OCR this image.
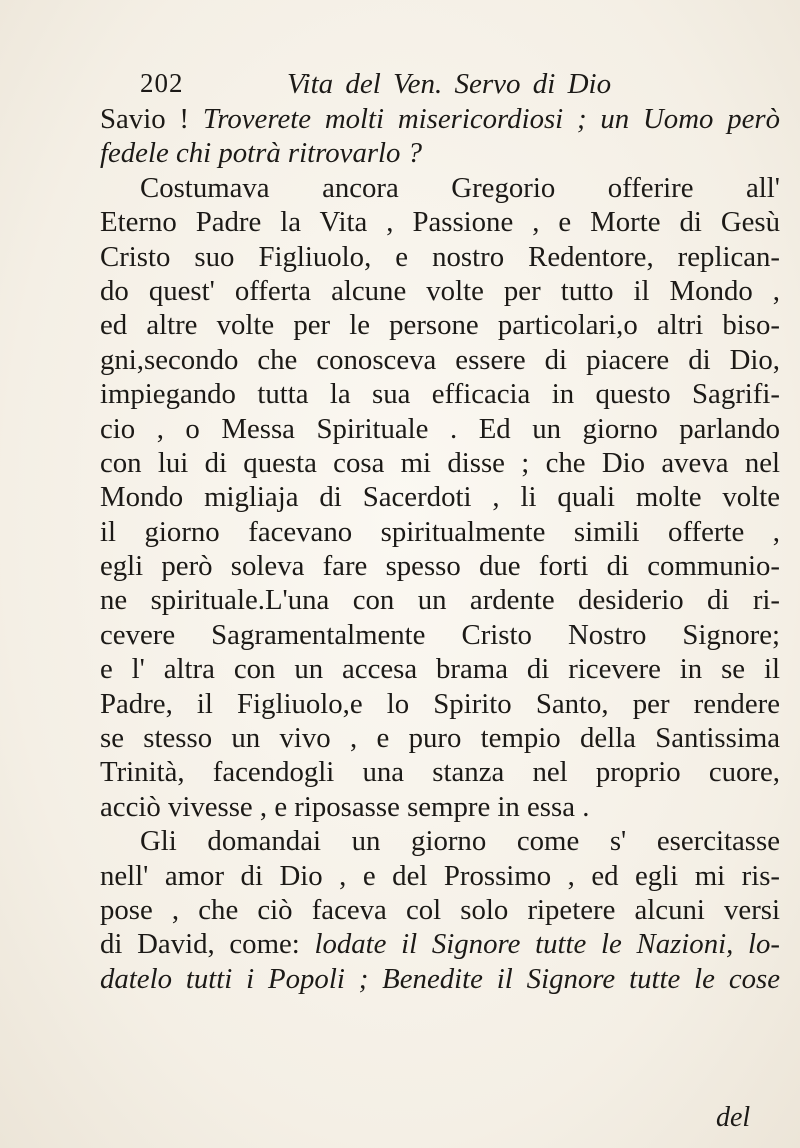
202	Vita del Ven. Servo di Dio
Savio ! Troverete molti misericordiosi ; un Uomo però
fedele chi potrà ritrovarlo ?
Costumava ancora Gregorio offerire all'
Eterno Padre la Vita , Passione , e Morte di Gesù
Cristo suo Figliuolo, e nostro Redentore, replican-
do quest' offerta alcune volte per tutto il Mondo ,
ed altre volte per le persone particolari,o altri biso-
gni,secondo che conosceva essere di piacere di Dio,
impiegando tutta la sua efficacia in questo Sagrifi-
cio , o Messa Spirituale . Ed un giorno parlando
con lui di questa cosa mi disse ; che Dio aveva nel
Mondo migliaja di Sacerdoti , li quali molte volte
il giorno facevano spiritualmente simili offerte ,
egli però soleva fare spesso due forti di communio-
ne spirituale.L'una con un ardente desiderio di ri-
cevere Sagramentalmente Cristo Nostro Signore;
e l' altra con un accesa brama di ricevere in se il
Padre, il Figliuolo,e lo Spirito Santo, per rendere
se stesso un vivo , e puro tempio della Santissima
Trinità, facendogli una stanza nel proprio cuore,
acciò vivesse , e riposasse sempre in essa .
Gli domandai un giorno come s' esercitasse
nell' amor di Dio , e del Prossimo , ed egli mi ris-
pose , che ciò faceva col solo ripetere alcuni versi
di David, come: lodate il Signore tutte le Nazioni, lo-
datelo tutti i Popoli ; Benedite il Signore tutte le cose
del
